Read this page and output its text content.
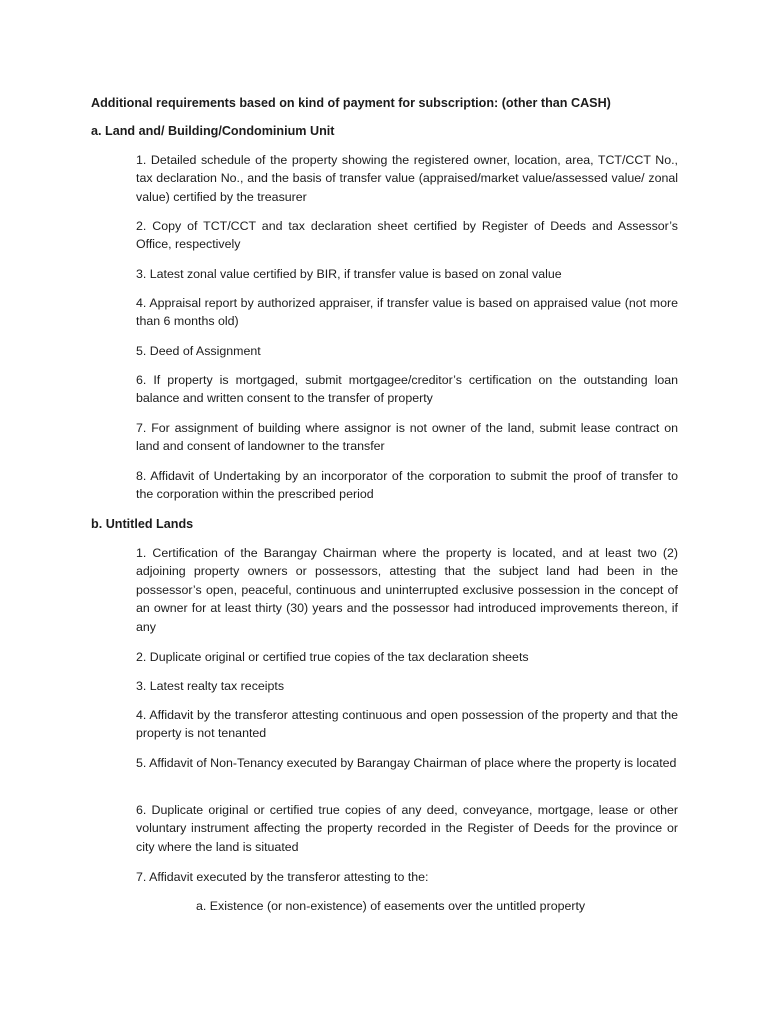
Additional requirements based on kind of payment for subscription: (other than CASH)
a. Land and/ Building/Condominium Unit
1. Detailed schedule of the property showing the registered owner, location, area, TCT/CCT No., tax declaration No., and the basis of transfer value (appraised/market value/assessed value/ zonal value) certified by the treasurer
2. Copy of TCT/CCT and tax declaration sheet certified by Register of Deeds and Assessor’s Office, respectively
3. Latest zonal value certified by BIR, if transfer value is based on zonal value
4. Appraisal report by authorized appraiser, if transfer value is based on appraised value (not more than 6 months old)
5. Deed of Assignment
6. If property is mortgaged, submit mortgagee/creditor’s certification on the outstanding loan balance and written consent to the transfer of property
7. For assignment of building where assignor is not owner of the land, submit lease contract on land and consent of landowner to the transfer
8. Affidavit of Undertaking by an incorporator of the corporation to submit the proof of transfer to the corporation within the prescribed period
b. Untitled Lands
1. Certification of the Barangay Chairman where the property is located, and at least two (2) adjoining property owners or possessors, attesting that the subject land had been in the possessor’s open, peaceful, continuous and uninterrupted exclusive possession in the concept of an owner for at least thirty (30) years and the possessor had introduced improvements thereon, if any
2. Duplicate original or certified true copies of the tax declaration sheets
3. Latest realty tax receipts
4. Affidavit by the transferor attesting continuous and open possession of the property and that the property is not tenanted
5. Affidavit of Non-Tenancy executed by Barangay Chairman of place where the property is located
6. Duplicate original or certified true copies of any deed, conveyance, mortgage, lease or other voluntary instrument affecting the property recorded in the Register of Deeds for the province or city where the land is situated
7. Affidavit executed by the transferor attesting to the:
a. Existence (or non-existence) of easements over the untitled property
